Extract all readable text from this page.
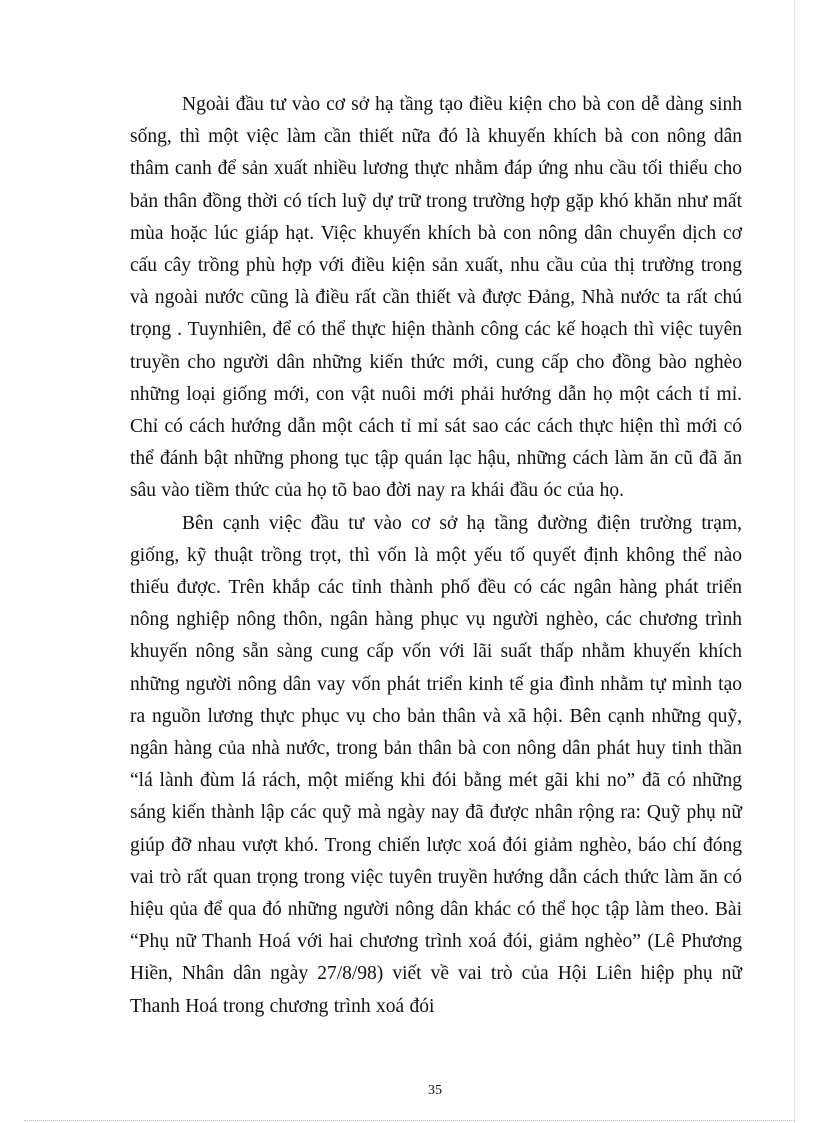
Ngoài đầu tư vào cơ sở hạ tầng tạo điều kiện cho bà con dễ dàng sinh sống, thì một việc làm cần thiết nữa đó là khuyến khích bà con nông dân thâm canh để sản xuất nhiều lương thực nhằm đáp ứng nhu cầu tối thiểu cho bản thân đồng thời có tích luỹ dự trữ trong trường hợp gặp khó khăn như mất mùa hoặc lúc giáp hạt. Việc khuyến khích bà con nông dân chuyển dịch cơ cấu cây trồng phù hợp với điều kiện sản xuất, nhu cầu của thị trường trong và ngoài nước cũng là điều rất cần thiết và được Đảng, Nhà nước ta rất chú trọng . Tuynhiên, để có thể thực hiện thành công các kế hoạch thì việc tuyên truyền cho người dân những kiến thức mới, cung cấp cho đồng bào nghèo những loại giống mới, con vật nuôi mới phải hướng dẫn họ một cách tỉ mỉ. Chỉ có cách hướng dẫn một cách tỉ mỉ sát sao các cách thực hiện thì mới có thể đánh bật những phong tục tập quán lạc hậu, những cách làm ăn cũ đã ăn sâu vào tiềm thức của họ tõ bao đời nay ra khái đầu óc của họ.

Bên cạnh việc đầu tư vào cơ sở hạ tầng đường điện trường trạm, giống, kỹ thuật trồng trọt, thì vốn là một yếu tố quyết định không thể nào thiếu được. Trên khắp các tỉnh thành phố đều có các ngân hàng phát triển nông nghiệp nông thôn, ngân hàng phục vụ người nghèo, các chương trình khuyến nông sẵn sàng cung cấp vốn với lãi suất thấp nhằm khuyến khích những người nông dân vay vốn phát triển kinh tế gia đình nhằm tự mình tạo ra nguồn lương thực phục vụ cho bản thân và xã hội. Bên cạnh những quỹ, ngân hàng của nhà nước, trong bản thân bà con nông dân phát huy tinh thần “lá lành đùm lá rách, một miếng khi đói bằng mét gãi khi no” đã có những sáng kiến thành lập các quỹ mà ngày nay đã được nhân rộng ra: Quỹ phụ nữ giúp đỡ nhau vượt khó. Trong chiến lược xoá đói giảm nghèo, báo chí đóng vai trò rất quan trọng trong việc tuyên truyền hướng dẫn cách thức làm ăn có hiệu qủa để qua đó những người nông dân khác có thể học tập làm theo. Bài “Phụ nữ Thanh Hoá với hai chương trình xoá đói, giảm nghèo” (Lê Phương Hiền, Nhân dân ngày 27/8/98) viết về vai trò của Hội Liên hiệp phụ nữ Thanh Hoá trong chương trình xoá đói

35
